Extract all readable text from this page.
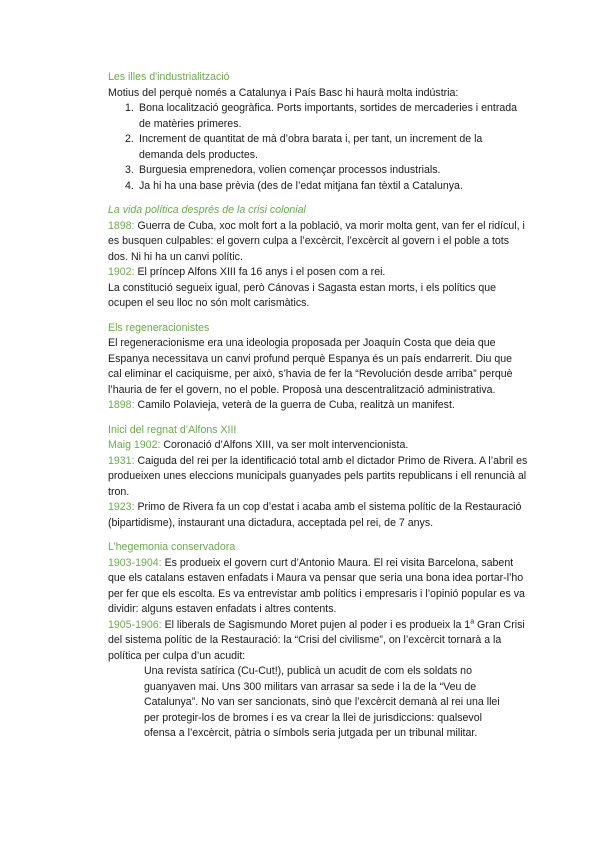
Les illes d'industrialització

Motius del perquè només a Catalunya i País Basc hi haurà molta indústria:

1. Bona localització geogràfica. Ports importants, sortides de mercaderies i entrada de matèries primeres.
2. Increment de quantitat de mà d’obra barata i, per tant, un increment de la demanda dels productes.
3. Burguesia emprenedora, volien començar processos industrials.
4. Ja hi ha una base prèvia (des de l’edat mitjana fan tèxtil a Catalunya.

La vida política després de la crisi colonial

1898: Guerra de Cuba, xoc molt fort a la població, va morir molta gent, van fer el ridícul, i es busquen culpables: el govern culpa a l’excèrcit, l’excèrcit al govern i el poble a tots dos. Ni hi ha un canvi polític.

1902: El príncep Alfons XIII fa 16 anys i el posen com a rei.

La constitució segueix igual, però Cánovas i Sagasta estan morts, i els polítics que ocupen el seu lloc no són molt carismàtics.

Els regeneracionistes

El regeneracionisme era una ideologia proposada per Joaquín Costa que deia que Espanya necessitava un canvi profund perquè Espanya és un país endarrerit. Diu que cal eliminar el caciquisme, per això, s’havia de fer la “Revolución desde arriba” perquè l’hauria de fer el govern, no el poble. Proposà una descentralització administrativa.

1898: Camilo Polavieja, veterà de la guerra de Cuba, realitzà un manifest.

Inici del regnat d’Alfons XIII

Maig 1902: Coronació d’Alfons XIII, va ser molt intervencionista.

1931: Caiguda del rei per la identificació total amb el dictador Primo de Rivera. A l’abril es produeixen unes eleccions municipals guanyades pels partits republicans i ell renuncià al tron.

1923: Primo de Rivera fa un cop d’estat i acaba amb el sistema polític de la Restauració (bipartidisme), instaurant una dictadura, acceptada pel rei, de 7 anys.

L’hegemonia conservadora

1903-1904: Es produeix el govern curt d’Antonio Maura. El rei visita Barcelona, sabent que els catalans estaven enfadats i Maura va pensar que seria una bona idea portar-l’ho per fer que els escolta. Es va entrevistar amb polítics i empresaris i l’opinió popular es va dividir: alguns estaven enfadats i altres contents.

1905-1906: El liberals de Sagismundo Moret pujen al poder i es produeix la 1$^a$ Gran Crisi del sistema polític de la Restauració: la “Crisi del civilisme”, on l’excèrcit tornarà a la política per culpa d’un acudit:

Una revista satírica (Cu-Cut!), publicà un acudit de com els soldats no guanyaven mai. Uns 300 militars van arrasar sa sede i la de la “Veu de Catalunya”. No van ser sancionats, sinò que l’excèrcit demanà al rei una llei per protegir-los de bromes i es va crear la llei de jurisdiccions: qualsevol ofensa a l’excèrcit, pàtria o símbols seria jutgada per un tribunal militar.
